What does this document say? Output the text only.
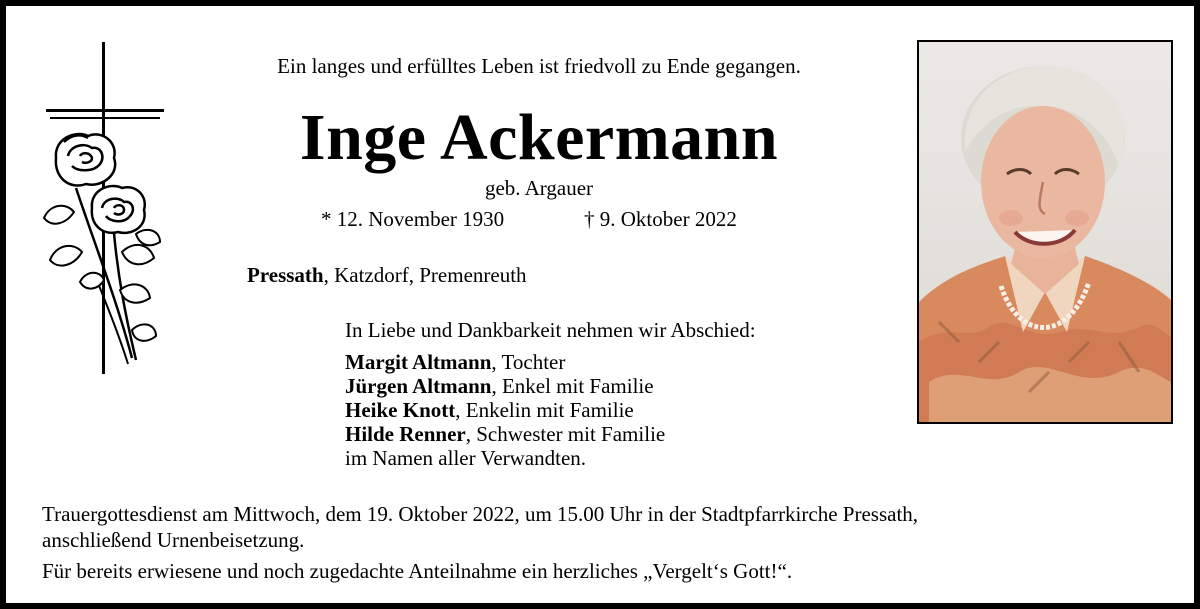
Ein langes und erfülltes Leben ist friedvoll zu Ende gegangen.
Inge Ackermann
geb. Argauer
* 12. November 1930	† 9. Oktober 2022
Pressath, Katzdorf, Premenreuth
In Liebe und Dankbarkeit nehmen wir Abschied:
Margit Altmann, Tochter
Jürgen Altmann, Enkel mit Familie
Heike Knott, Enkelin mit Familie
Hilde Renner, Schwester mit Familie
im Namen aller Verwandten.
Trauergottesdienst am Mittwoch, dem 19. Oktober 2022, um 15.00 Uhr in der Stadtpfarrkirche Pressath,
anschließend Urnenbeisetzung.
Für bereits erwiesene und noch zugedachte Anteilnahme ein herzliches „Vergelt‘s Gott!“.
